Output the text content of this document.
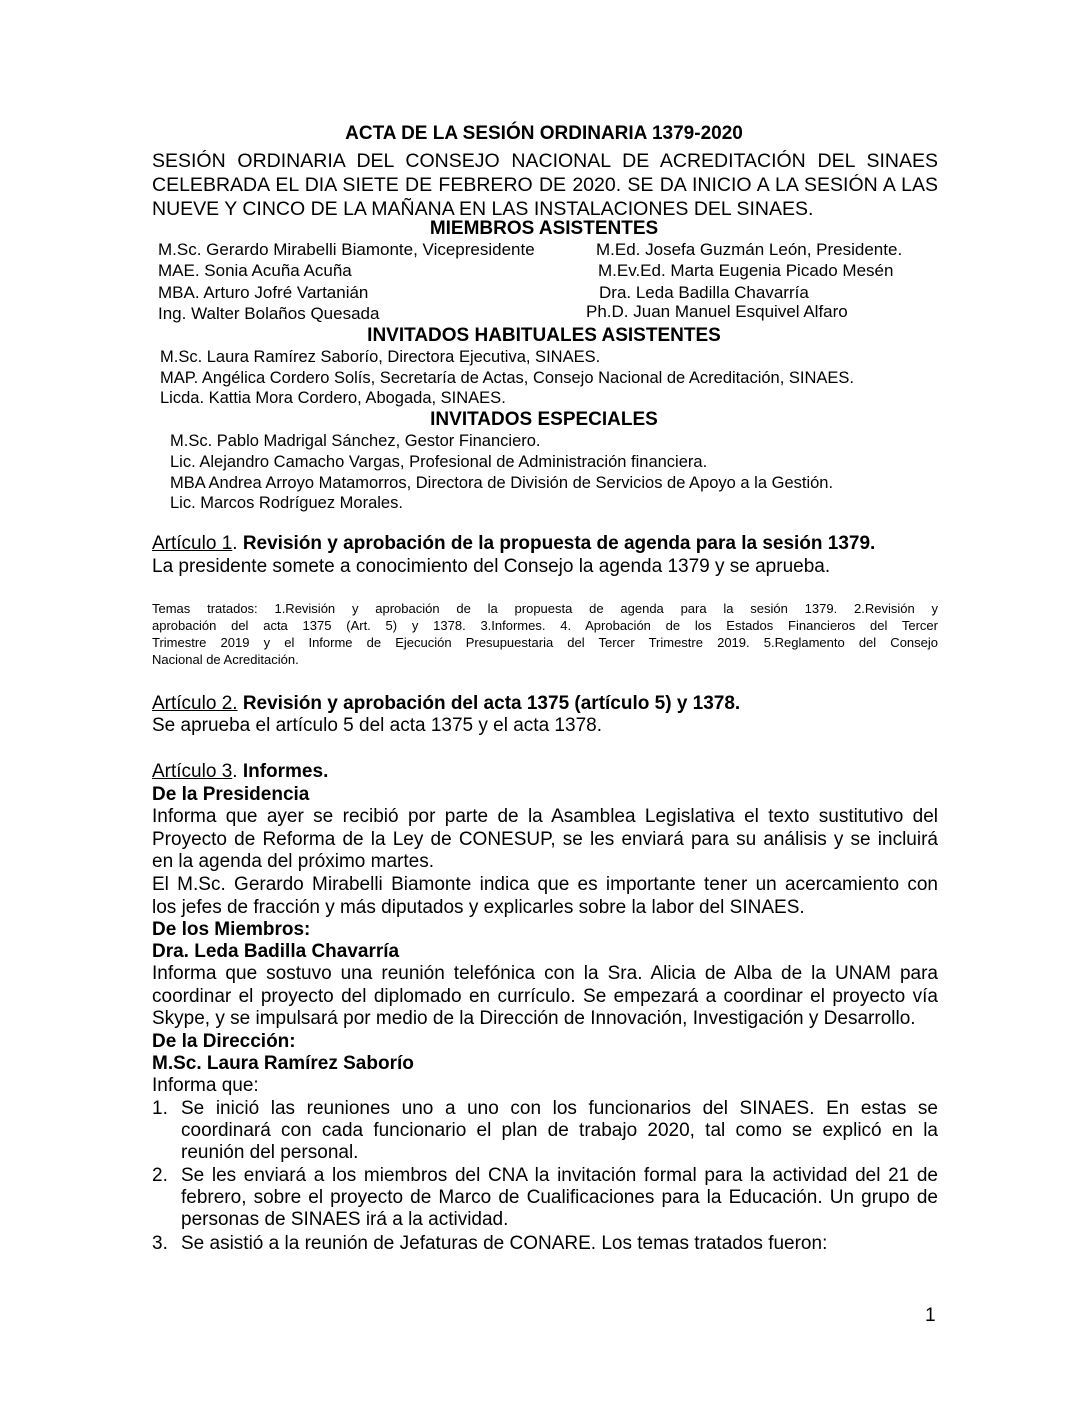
ACTA DE LA SESIÓN ORDINARIA 1379-2020
SESIÓN ORDINARIA DEL CONSEJO NACIONAL DE ACREDITACIÓN DEL SINAES
CELEBRADA EL DIA SIETE DE FEBRERO DE 2020. SE DA INICIO A LA SESIÓN A LAS
NUEVE Y CINCO DE LA MAÑANA EN LAS INSTALACIONES DEL SINAES.
MIEMBROS ASISTENTES
M.Sc. Gerardo Mirabelli Biamonte, Vicepresidente
MAE. Sonia Acuña Acuña
MBA. Arturo Jofré Vartanián
Ing. Walter Bolaños Quesada
M.Ed. Josefa Guzmán León, Presidente.
M.Ev.Ed. Marta Eugenia Picado Mesén
Dra. Leda Badilla Chavarría
Ph.D. Juan Manuel Esquivel Alfaro
INVITADOS HABITUALES ASISTENTES
M.Sc. Laura Ramírez Saborío, Directora Ejecutiva, SINAES.
MAP. Angélica Cordero Solís, Secretaría de Actas, Consejo Nacional de Acreditación, SINAES.
Licda. Kattia Mora Cordero, Abogada, SINAES.
INVITADOS ESPECIALES
M.Sc. Pablo Madrigal Sánchez, Gestor Financiero.
Lic. Alejandro Camacho Vargas, Profesional de Administración financiera.
MBA Andrea Arroyo Matamorros, Directora de División de Servicios de Apoyo a la Gestión.
Lic. Marcos Rodríguez Morales.
Artículo 1. Revisión y aprobación de la propuesta de agenda para la sesión 1379.
La presidente somete a conocimiento del Consejo la agenda 1379 y se aprueba.
Temas tratados: 1.Revisión y aprobación de la propuesta de agenda para la sesión 1379. 2.Revisión y
aprobación del acta 1375 (Art. 5) y 1378. 3.Informes. 4. Aprobación de los Estados Financieros del Tercer
Trimestre 2019 y el Informe de Ejecución Presupuestaria del Tercer Trimestre 2019. 5.Reglamento del Consejo
Nacional de Acreditación.
Artículo 2. Revisión y aprobación del acta 1375 (artículo 5) y 1378.
Se aprueba el artículo 5 del acta 1375 y el acta 1378.
Artículo 3. Informes.
De la Presidencia
Informa que ayer se recibió por parte de la Asamblea Legislativa el texto sustitutivo del
Proyecto de Reforma de la Ley de CONESUP, se les enviará para su análisis y se incluirá
en la agenda del próximo martes.
El M.Sc. Gerardo Mirabelli Biamonte indica que es importante tener un acercamiento con
los jefes de fracción y más diputados y explicarles sobre la labor del SINAES.
De los Miembros:
Dra. Leda Badilla Chavarría
Informa que sostuvo una reunión telefónica con la Sra. Alicia de Alba de la UNAM para
coordinar el proyecto del diplomado en currículo. Se empezará a coordinar el proyecto vía
Skype, y se impulsará por medio de la Dirección de Innovación, Investigación y Desarrollo.
De la Dirección:
M.Sc. Laura Ramírez Saborío
Informa que:
1. Se inició las reuniones uno a uno con los funcionarios del SINAES. En estas se
coordinará con cada funcionario el plan de trabajo 2020, tal como se explicó en la
reunión del personal.
2. Se les enviará a los miembros del CNA la invitación formal para la actividad del 21 de
febrero, sobre el proyecto de Marco de Cualificaciones para la Educación. Un grupo de
personas de SINAES irá a la actividad.
3. Se asistió a la reunión de Jefaturas de CONARE. Los temas tratados fueron:
1
